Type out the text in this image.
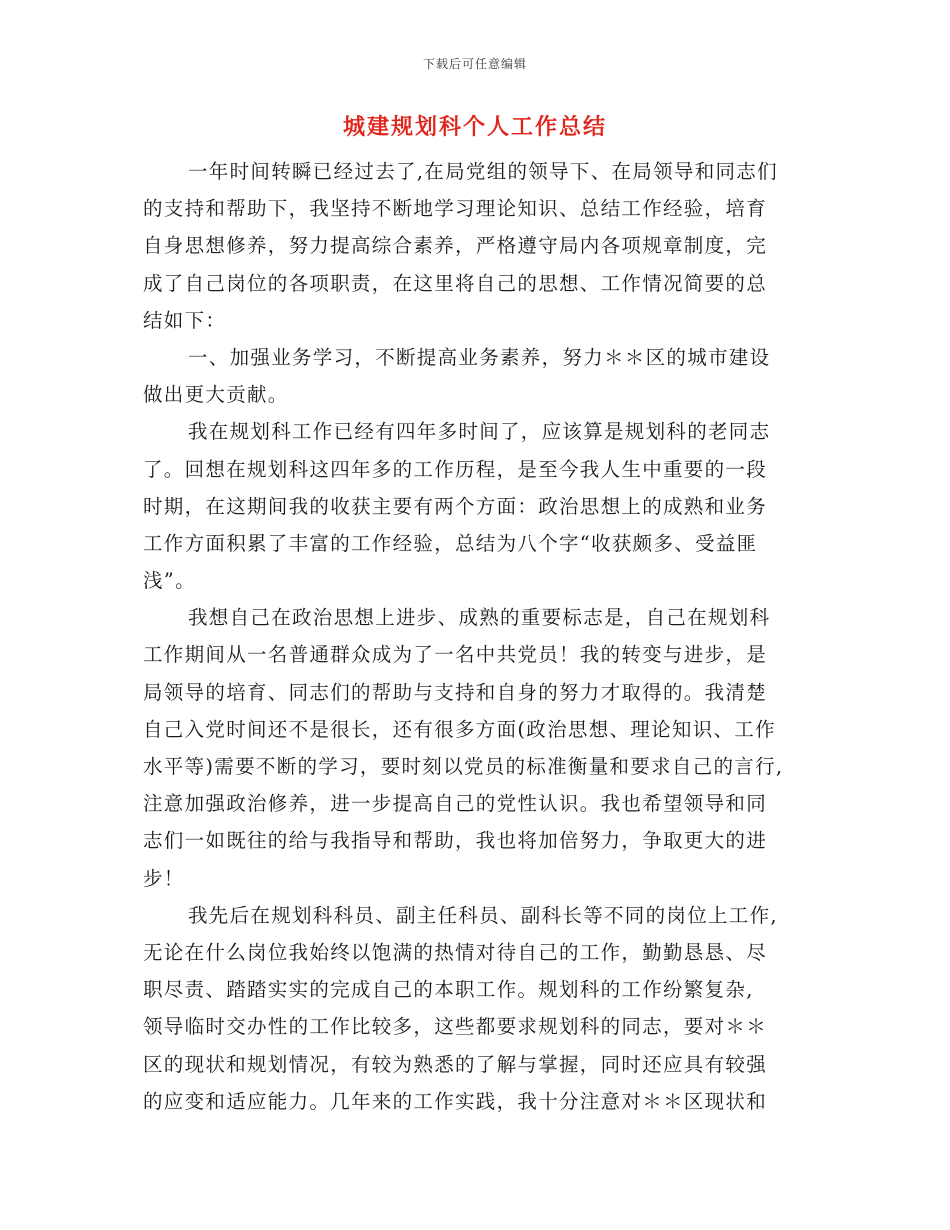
下载后可任意编辑
城建规划科个人工作总结
一年时间转瞬已经过去了,在局党组的领导下、在局领导和同志们
的支持和帮助下，我坚持不断地学习理论知识、总结工作经验，培育
自身思想修养，努力提高综合素养，严格遵守局内各项规章制度，完
成了自己岗位的各项职责，在这里将自己的思想、工作情况简要的总
结如下：
一、加强业务学习，不断提高业务素养，努力＊＊区的城市建设
做出更大贡献。
我在规划科工作已经有四年多时间了，应该算是规划科的老同志
了。回想在规划科这四年多的工作历程，是至今我人生中重要的一段
时期，在这期间我的收获主要有两个方面：政治思想上的成熟和业务
工作方面积累了丰富的工作经验，总结为八个字“收获颇多、受益匪
浅”。
我想自己在政治思想上进步、成熟的重要标志是，自己在规划科
工作期间从一名普通群众成为了一名中共党员！我的转变与进步，是
局领导的培育、同志们的帮助与支持和自身的努力才取得的。我清楚
自己入党时间还不是很长，还有很多方面(政治思想、理论知识、工作
水平等)需要不断的学习，要时刻以党员的标准衡量和要求自己的言行,
注意加强政治修养，进一步提高自己的党性认识。我也希望领导和同
志们一如既往的给与我指导和帮助，我也将加倍努力，争取更大的进
步！
我先后在规划科科员、副主任科员、副科长等不同的岗位上工作,
无论在什么岗位我始终以饱满的热情对待自己的工作，勤勤恳恳、尽
职尽责、踏踏实实的完成自己的本职工作。规划科的工作纷繁复杂,
领导临时交办性的工作比较多，这些都要求规划科的同志，要对＊＊
区的现状和规划情况，有较为熟悉的了解与掌握，同时还应具有较强
的应变和适应能力。几年来的工作实践，我十分注意对＊＊区现状和
